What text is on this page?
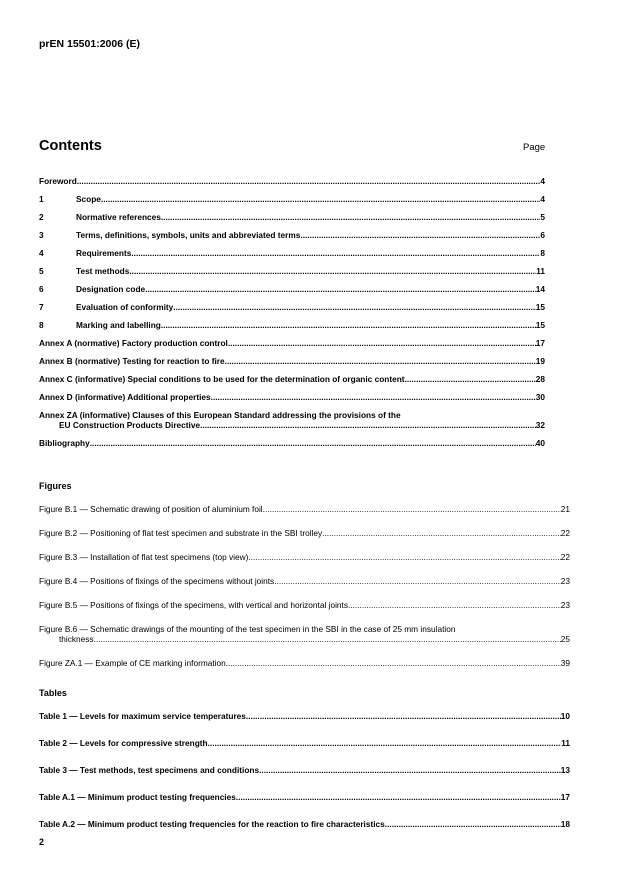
prEN 15501:2006 (E)
Contents	Page
Foreword .....	4
1	Scope .....	4
2	Normative references .....	5
3	Terms, definitions, symbols, units and abbreviated terms .....	6
4	Requirements .....	8
5	Test methods .....	11
6	Designation code .....	14
7	Evaluation of conformity .....	15
8	Marking and labelling .....	15
Annex A (normative) Factory production control .....	17
Annex B (normative) Testing for reaction to fire .....	19
Annex C (informative) Special conditions to be used for the determination of organic content .....	28
Annex D (informative) Additional properties .....	30
Annex ZA (informative) Clauses of this European Standard addressing the provisions of the
EU Construction Products Directive .....	32
Bibliography .....	40
Figures
Figure B.1 — Schematic drawing of position of aluminium foil .....	21
Figure B.2 — Positioning of flat test specimen and substrate in the SBI trolley .....	22
Figure B.3 — Installation of flat test specimens (top view) .....	22
Figure B.4 — Positions of fixings of the specimens without joints .....	23
Figure B.5 — Positions of fixings of the specimens, with vertical and horizontal joints .....	23
Figure B.6 — Schematic drawings of the mounting of the test specimen in the SBI in the case of 25 mm insulation
thickness .....	25
Figure ZA.1 — Example of CE marking information .....	39
Tables
Table 1 — Levels for maximum service temperatures .....	10
Table 2 — Levels for compressive strength .....	11
Table 3 — Test methods, test specimens and conditions .....	13
Table A.1 — Minimum product testing frequencies .....	17
Table A.2 — Minimum product testing frequencies for the reaction to fire characteristics .....	18
2
